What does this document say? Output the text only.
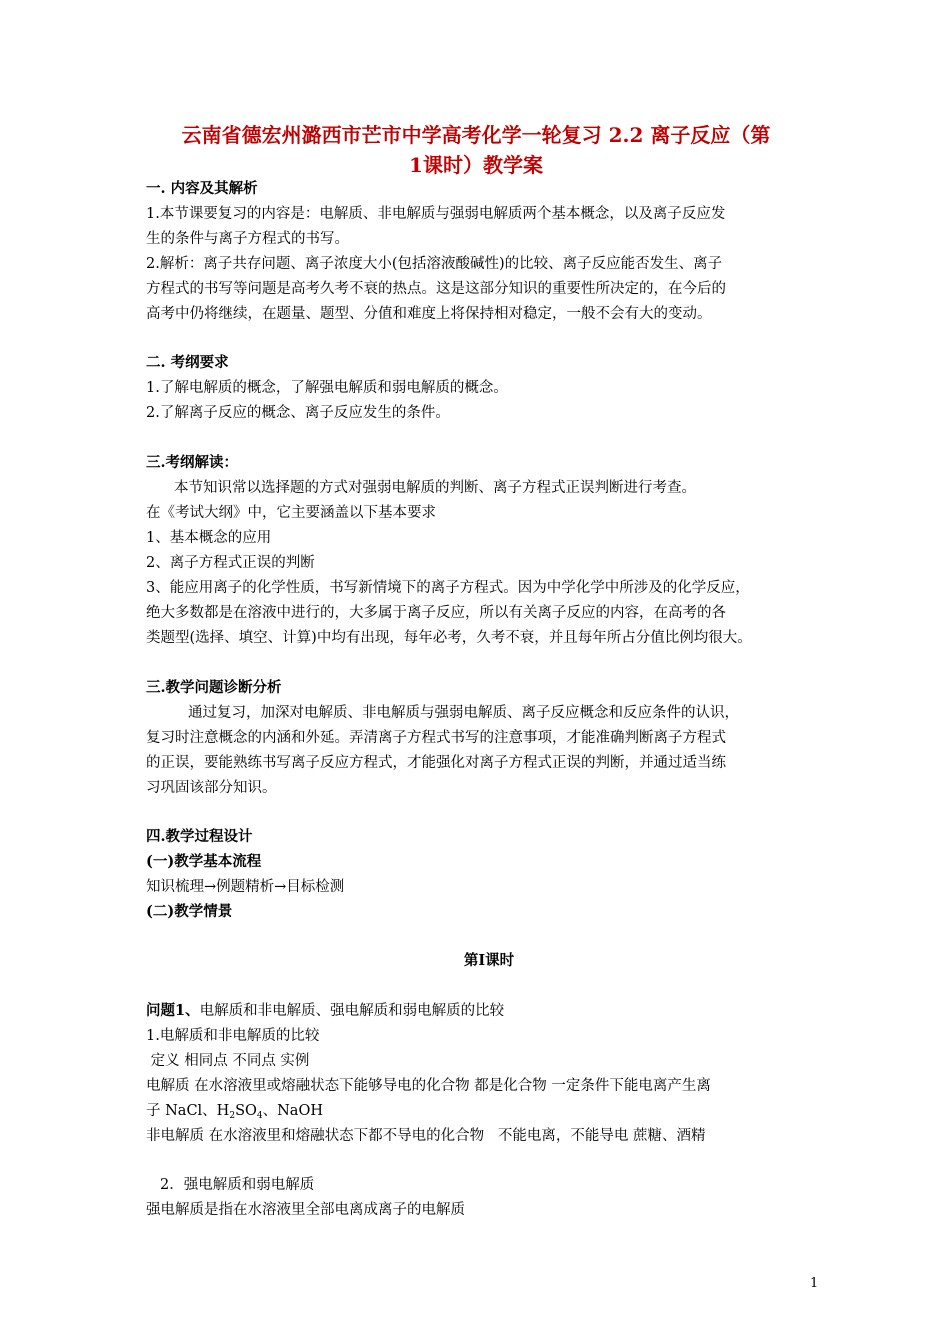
云南省德宏州潞西市芒市中学高考化学一轮复习 2.2 离子反应（第
1课时）教学案
一. 内容及其解析
1.本节课要复习的内容是：电解质、非电解质与强弱电解质两个基本概念，以及离子反应发
生的条件与离子方程式的书写。
2.解析：离子共存问题、离子浓度大小(包括溶液酸碱性)的比较、离子反应能否发生、离子
方程式的书写等问题是高考久考不衰的热点。这是这部分知识的重要性所决定的，在今后的
高考中仍将继续，在题量、题型、分值和难度上将保持相对稳定，一般不会有大的变动。
二. 考纲要求
1.了解电解质的概念，了解强电解质和弱电解质的概念。
2.了解离子反应的概念、离子反应发生的条件。
三.考纲解读：
本节知识常以选择题的方式对强弱电解质的判断、离子方程式正误判断进行考查。
在《考试大纲》中，它主要涵盖以下基本要求
1、基本概念的应用
2、离子方程式正误的判断
3、能应用离子的化学性质，书写新情境下的离子方程式。因为中学化学中所涉及的化学反应，
绝大多数都是在溶液中进行的，大多属于离子反应，所以有关离子反应的内容，在高考的各
类题型(选择、填空、计算)中均有出现，每年必考，久考不衰，并且每年所占分值比例均很大。
三.教学问题诊断分析
通过复习，加深对电解质、非电解质与强弱电解质、离子反应概念和反应条件的认识，
复习时注意概念的内涵和外延。弄清离子方程式书写的注意事项，才能准确判断离子方程式
的正误，要能熟练书写离子反应方程式，才能强化对离子方程式正误的判断，并通过适当练
习巩固该部分知识。
四.教学过程设计
(一)教学基本流程
知识梳理→例题精析→目标检测
(二)教学情景
第Ⅰ课时
问题1、电解质和非电解质、强电解质和弱电解质的比较
1.电解质和非电解质的比较
定义 相同点 不同点 实例
电解质 在水溶液里或熔融状态下能够导电的化合物 都是化合物 一定条件下能电离产生离
子 NaCl、$H_2SO_4$、NaOH
非电解质 在水溶液里和熔融状态下都不导电的化合物   不能电离，不能导电 蔗糖、酒精
2．强电解质和弱电解质
强电解质是指在水溶液里全部电离成离子的电解质
1
